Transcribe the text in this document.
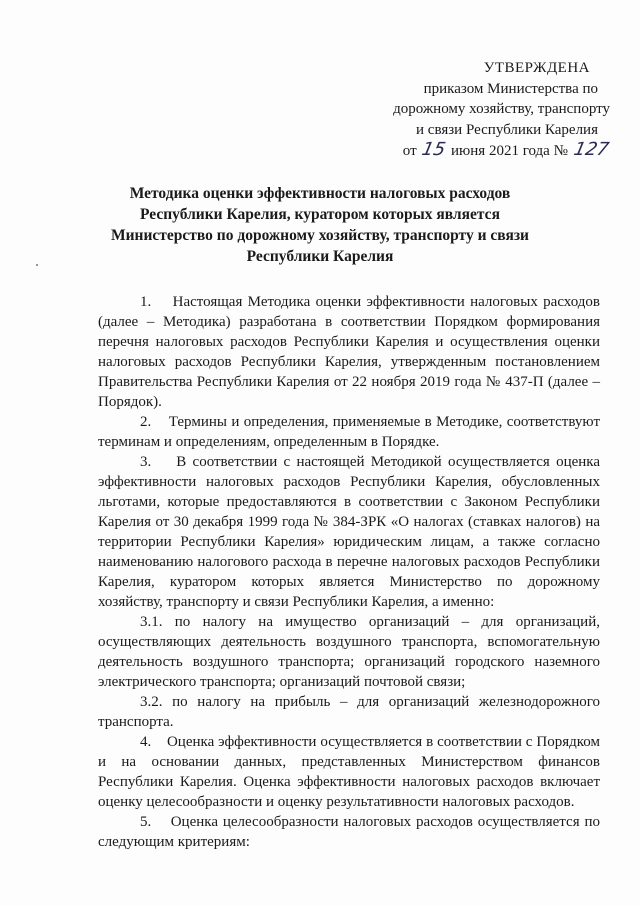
УТВЕРЖДЕНА
приказом Министерства по
дорожному хозяйству, транспорту
и связи Республики Карелия
от 15 июня 2021 года № 127
Методика оценки эффективности налоговых расходов
Республики Карелия, куратором которых является
Министерство по дорожному хозяйству, транспорту и связи
Республики Карелия

1.    Настоящая Методика оценки эффективности налоговых расходов (далее – Методика) разработана в соответствии Порядком формирования перечня налоговых расходов Республики Карелия и осуществления оценки налоговых расходов Республики Карелия, утвержденным постановлением Правительства Республики Карелия от 22 ноября 2019 года № 437-П (далее – Порядок).

2.    Термины и определения, применяемые в Методике, соответствуют терминам и определениям, определенным в Порядке.

3.    В соответствии с настоящей Методикой осуществляется оценка эффективности налоговых расходов Республики Карелия, обусловленных льготами, которые предоставляются в соответствии с Законом Республики Карелия от 30 декабря 1999 года № 384-ЗРК «О налогах (ставках налогов) на территории Республики Карелия» юридическим лицам, а также согласно наименованию налогового расхода в перечне налоговых расходов Республики Карелия, куратором которых является Министерство по дорожному хозяйству, транспорту и связи Республики Карелия, а именно:

3.1. по налогу на имущество организаций – для организаций, осуществляющих деятельность воздушного транспорта, вспомогательную деятельность воздушного транспорта; организаций городского наземного электрического транспорта; организаций почтовой связи;

3.2. по налогу на прибыль – для организаций железнодорожного транспорта.

4.    Оценка эффективности осуществляется в соответствии с Порядком и на основании данных, представленных Министерством финансов Республики Карелия. Оценка эффективности налоговых расходов включает оценку целесообразности и оценку результативности налоговых расходов.

5.    Оценка целесообразности налоговых расходов осуществляется по следующим критериям:
